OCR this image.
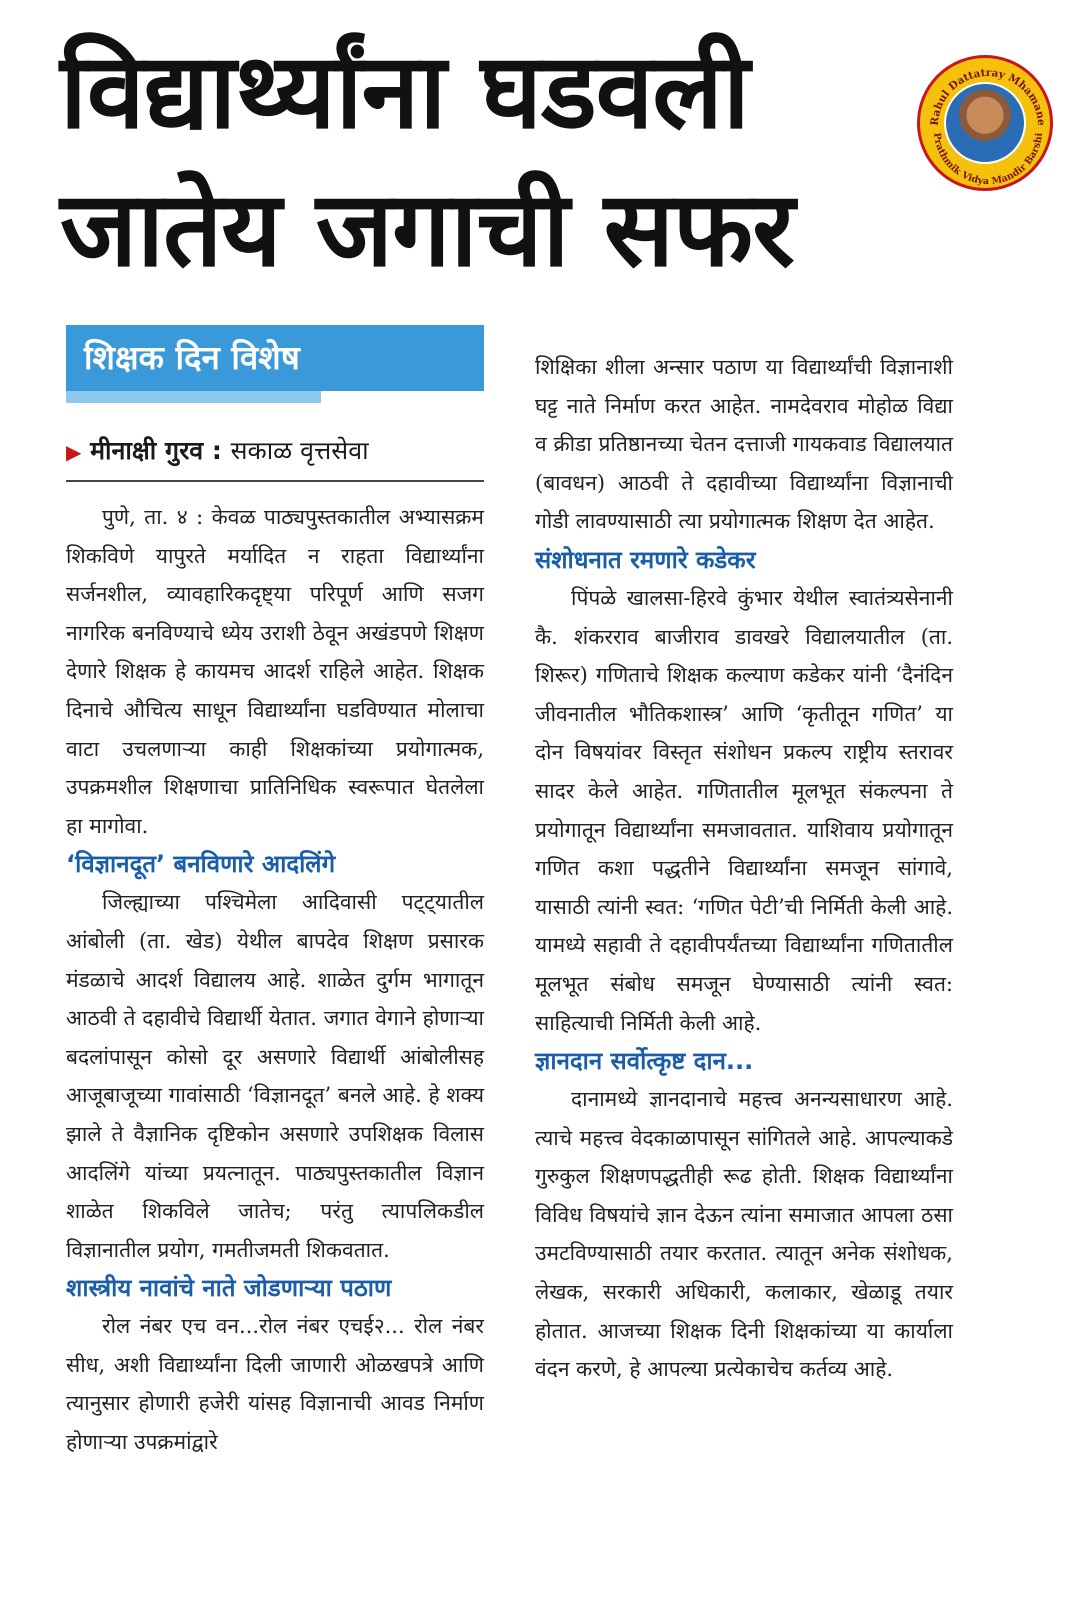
विद्यार्थ्यांना घडवली
जातेय जगाची सफर
Rahul Dattatray Mhamane
Prathmik Vidya Mandir Barshi
शिक्षक दिन विशेष
▶ मीनाक्षी गुरव : सकाळ वृत्तसेवा

पुणे, ता. ४ : केवळ पाठ्यपुस्तकातील अभ्यासक्रम शिकविणे यापुरते मर्यादित न राहता विद्यार्थ्यांना सर्जनशील, व्यावहारिकदृष्ट्या परिपूर्ण आणि सजग नागरिक बनविण्याचे ध्येय उराशी ठेवून अखंडपणे शिक्षण देणारे शिक्षक हे कायमच आदर्श राहिले आहेत. शिक्षक दिनाचे औचित्य साधून विद्यार्थ्यांना घडविण्यात मोलाचा वाटा उचलणाऱ्या काही शिक्षकांच्या प्रयोगात्मक, उपक्रमशील शिक्षणाचा प्रातिनिधिक स्वरूपात घेतलेला हा मागोवा.

‘विज्ञानदूत’ बनविणारे आदलिंगे

जिल्ह्याच्या पश्चिमेला आदिवासी पट्ट्यातील आंबोली (ता. खेड) येथील बापदेव शिक्षण प्रसारक मंडळाचे आदर्श विद्यालय आहे. शाळेत दुर्गम भागातून आठवी ते दहावीचे विद्यार्थी येतात. जगात वेगाने होणाऱ्या बदलांपासून कोसो दूर असणारे विद्यार्थी आंबोलीसह आजूबाजूच्या गावांसाठी ‘विज्ञानदूत’ बनले आहे. हे शक्य झाले ते वैज्ञानिक दृष्टिकोन असणारे उपशिक्षक विलास आदलिंगे यांच्या प्रयत्नातून. पाठ्यपुस्तकातील विज्ञान शाळेत शिकविले जातेच; परंतु त्यापलिकडील विज्ञानातील प्रयोग, गमतीजमती शिकवतात.

शास्त्रीय नावांचे नाते जोडणाऱ्या पठाण

रोल नंबर एच वन...रोल नंबर एचई२... रोल नंबर सीध, अशी विद्यार्थ्यांना दिली जाणारी ओळखपत्रे आणि त्यानुसार होणारी हजेरी यांसह विज्ञानाची आवड निर्माण होणाऱ्या उपक्रमांद्वारे

शिक्षिका शीला अन्सार पठाण या विद्यार्थ्यांची विज्ञानाशी घट्ट नाते निर्माण करत आहेत. नामदेवराव मोहोळ विद्या व क्रीडा प्रतिष्ठानच्या चेतन दत्ताजी गायकवाड विद्यालयात (बावधन) आठवी ते दहावीच्या विद्यार्थ्यांना विज्ञानाची गोडी लावण्यासाठी त्या प्रयोगात्मक शिक्षण देत आहेत.

संशोधनात रमणारे कडेकर

पिंपळे खालसा-हिरवे कुंभार येथील स्वातंत्र्यसेनानी कै. शंकरराव बाजीराव डावखरे विद्यालयातील (ता. शिरूर) गणिताचे शिक्षक कल्याण कडेकर यांनी ‘दैनंदिन जीवनातील भौतिकशास्त्र’ आणि ‘कृतीतून गणित’ या दोन विषयांवर विस्तृत संशोधन प्रकल्प राष्ट्रीय स्तरावर सादर केले आहेत. गणितातील मूलभूत संकल्पना ते प्रयोगातून विद्यार्थ्यांना समजावतात. याशिवाय प्रयोगातून गणित कशा पद्धतीने विद्यार्थ्यांना समजून सांगावे, यासाठी त्यांनी स्वत: ‘गणित पेटी’ची निर्मिती केली आहे. यामध्ये सहावी ते दहावीपर्यंतच्या विद्यार्थ्यांना गणितातील मूलभूत संबोध समजून घेण्यासाठी त्यांनी स्वत: साहित्याची निर्मिती केली आहे.

ज्ञानदान सर्वोत्कृष्ट दान...

दानामध्ये ज्ञानदानाचे महत्त्व अनन्यसाधारण आहे. त्याचे महत्त्व वेदकाळापासून सांगितले आहे. आपल्याकडे गुरुकुल शिक्षणपद्धतीही रूढ होती. शिक्षक विद्यार्थ्यांना विविध विषयांचे ज्ञान देऊन त्यांना समाजात आपला ठसा उमटविण्यासाठी तयार करतात. त्यातून अनेक संशोधक, लेखक, सरकारी अधिकारी, कलाकार, खेळाडू तयार होतात. आजच्या शिक्षक दिनी शिक्षकांच्या या कार्याला वंदन करणे, हे आपल्या प्रत्येकाचेच कर्तव्य आहे.
